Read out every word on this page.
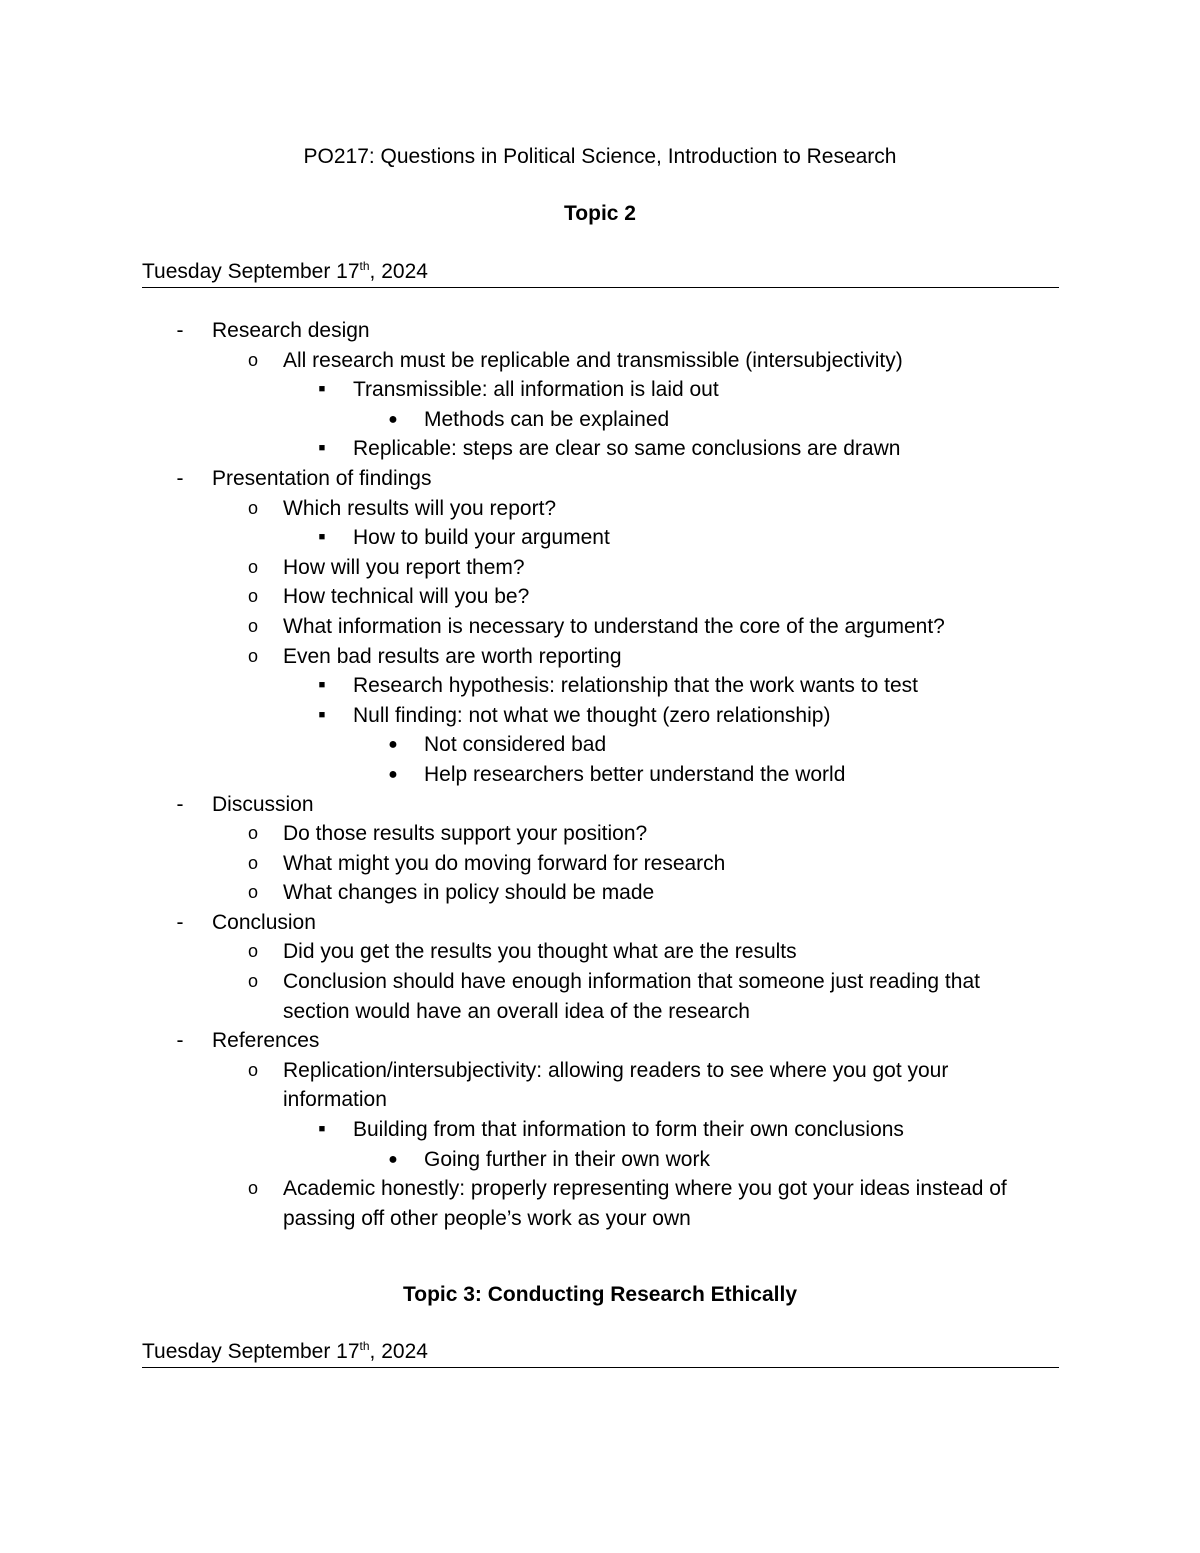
PO217: Questions in Political Science, Introduction to Research
Topic 2
Tuesday September 17th, 2024
-	Research design
o All research must be replicable and transmissible (intersubjectivity)
■	Transmissible: all information is laid out
● Methods can be explained
■	Replicable: steps are clear so same conclusions are drawn
-	Presentation of findings
o Which results will you report?
■	How to build your argument
o How will you report them?
o How technical will you be?
o What information is necessary to understand the core of the argument?
o Even bad results are worth reporting
■	Research hypothesis: relationship that the work wants to test
■	Null finding: not what we thought (zero relationship)
● Not considered bad
● Help researchers better understand the world
-	Discussion
o Do those results support your position?
o What might you do moving forward for research
o What changes in policy should be made
-	Conclusion
o Did you get the results you thought what are the results
o Conclusion should have enough information that someone just reading that section would have an overall idea of the research
-	References
o Replication/intersubjectivity: allowing readers to see where you got your information
■	Building from that information to form their own conclusions
● Going further in their own work
o Academic honestly: properly representing where you got your ideas instead of passing off other people’s work as your own
Topic 3: Conducting Research Ethically
Tuesday September 17th, 2024
